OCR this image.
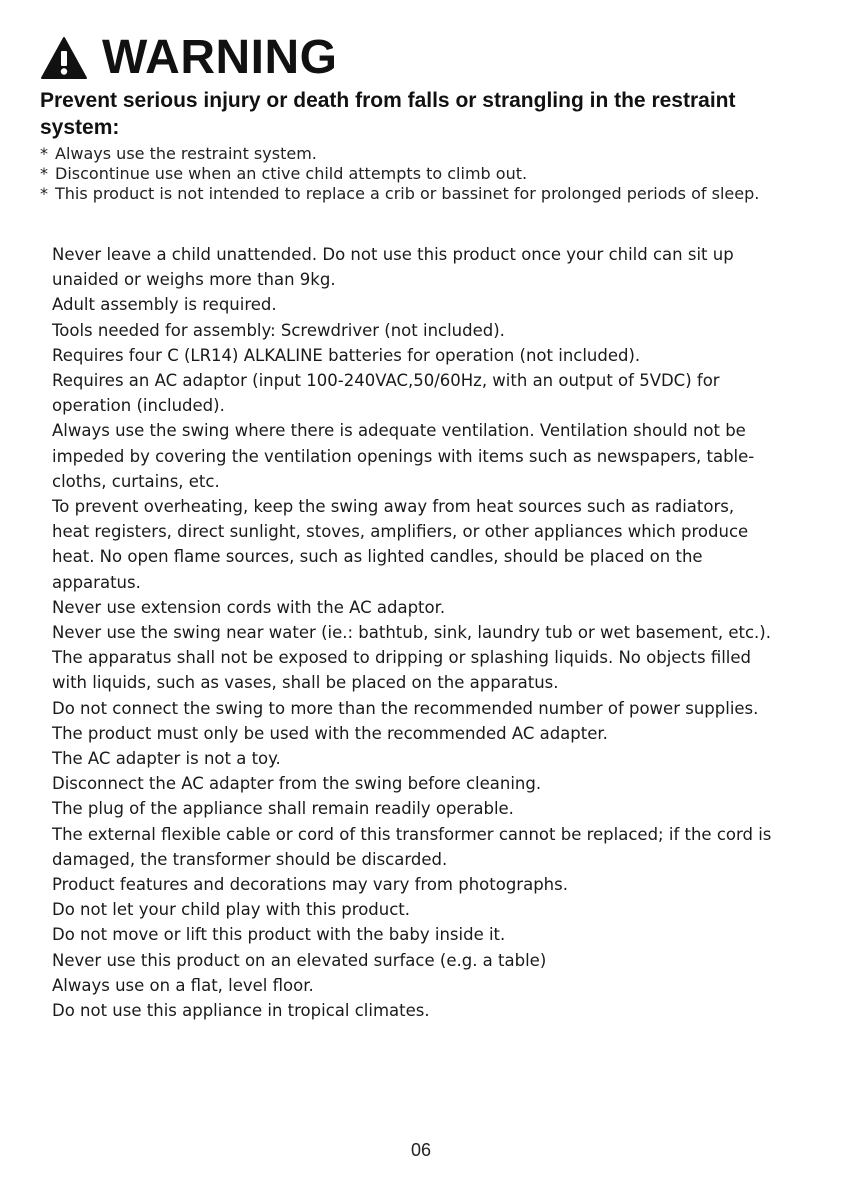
WARNING
Prevent serious injury or death from falls or strangling in the restraint system:
* Always use the restraint system.
* Discontinue use when an ctive child attempts to climb out.
* This product is not intended to replace a crib or bassinet for prolonged periods of sleep.

Never leave a child unattended. Do not use this product once your child can sit up unaided or weighs more than 9kg.

Adult assembly is required.

Tools needed for assembly: Screwdriver (not included).

Requires four C (LR14) ALKALINE batteries for operation (not included).

Requires an AC adaptor (input 100-240VAC,50/60Hz, with an output of 5VDC) for operation (included).

Always use the swing where there is adequate ventilation. Ventilation should not be impeded by covering the ventilation openings with items such as newspapers, table-cloths, curtains, etc.

To prevent overheating, keep the swing away from heat sources such as radiators, heat registers, direct sunlight, stoves, amplifiers, or other appliances which produce heat. No open flame sources, such as lighted candles, should be placed on the apparatus.

Never use extension cords with the AC adaptor.

Never use the swing near water (ie.: bathtub, sink, laundry tub or wet basement, etc.). The apparatus shall not be exposed to dripping or splashing liquids. No objects filled with liquids, such as vases, shall be placed on the apparatus.

Do not connect the swing to more than the recommended number of power supplies.

The product must only be used with the recommended AC adapter.

The AC adapter is not a toy.

Disconnect the AC adapter from the swing before cleaning.

The plug of the appliance shall remain readily operable.

The external flexible cable or cord of this transformer cannot be replaced; if the cord is damaged, the transformer should be discarded.

Product features and decorations may vary from photographs.

Do not let your child play with this product.

Do not move or lift this product with the baby inside it.

Never use this product on an elevated surface (e.g. a table)

Always use on a flat, level floor.

Do not use this appliance in tropical climates.

06
